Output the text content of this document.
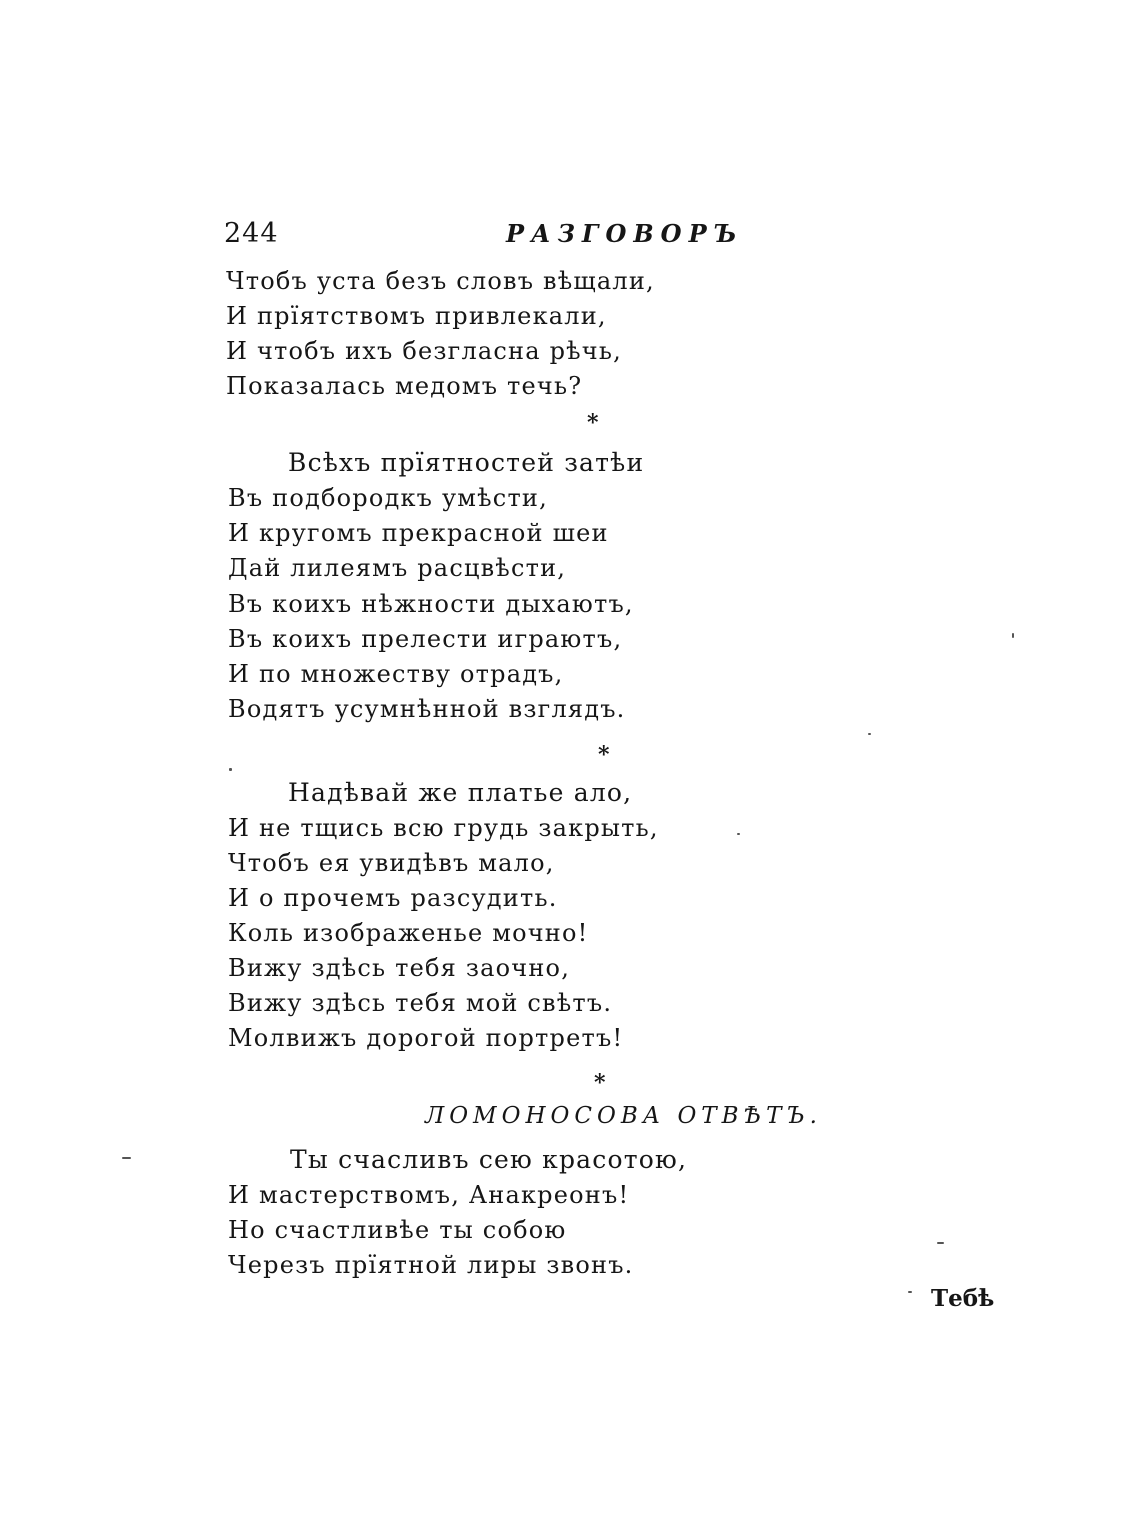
244	РАЗГОВОРЪ
Чтобъ уста безъ словъ вѣщали,
И прїятствомъ привлекали,
И чтобъ ихъ безгласна рѣчь,
Показалась медомъ течь?
*
Всѣхъ прїятностей затѣи
Въ подбородкъ умѣсти,
И кругомъ прекрасной шеи
Дай лилеямъ расцвѣсти,
Въ коихъ нѣжности дыхаютъ,
Въ коихъ прелести играютъ,
И по множеству отрадъ,
Водятъ усумнѣнной взглядъ.
*
Надѣвай же платье ало,
И не тщись всю грудь закрыть,
Чтобъ ея увидѣвъ мало,
И о прочемъ разсудить.
Коль изображенье мочно!
Вижу здѣсь тебя заочно,
Вижу здѣсь тебя мой свѣтъ.
Молвижъ дорогой портретъ!
*
ЛОМОНОСОВА ОТВѢТЪ.
Ты счасливъ сею красотою,
И мастерствомъ, Анакреонъ!
Но счастливѣе ты собою
Черезъ прїятной лиры звонъ.
Тебѣ
